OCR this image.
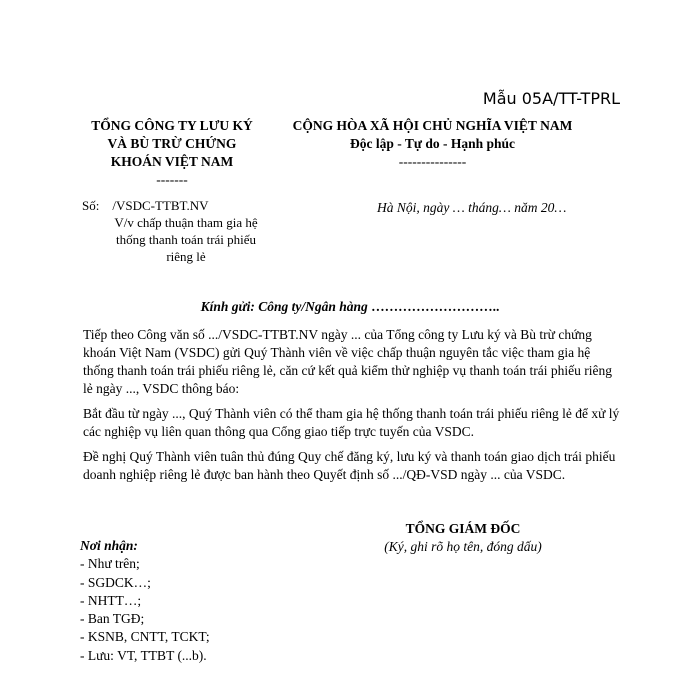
Mẫu 05A/TT-TPRL
TỔNG CÔNG TY LƯU KÝ
VÀ BÙ TRỪ CHỨNG
KHOÁN VIỆT NAM
-------
CỘNG HÒA XÃ HỘI CHỦ NGHĨA VIỆT NAM
Độc lập - Tự do - Hạnh phúc
---------------
Số:    /VSDC-TTBT.NV
V/v chấp thuận tham gia hệ
thống thanh toán trái phiếu
riêng lẻ
Hà Nội, ngày … tháng… năm 20…
Kính gửi: Công ty/Ngân hàng ………………………..

Tiếp theo Công văn số .../VSDC-TTBT.NV ngày ... của Tổng công ty Lưu ký và Bù trừ chứng khoán Việt Nam (VSDC) gửi Quý Thành viên về việc chấp thuận nguyên tắc việc tham gia hệ thống thanh toán trái phiếu riêng lẻ, căn cứ kết quả kiểm thử nghiệp vụ thanh toán trái phiếu riêng lẻ ngày ..., VSDC thông báo:

Bắt đầu từ ngày ..., Quý Thành viên có thể tham gia hệ thống thanh toán trái phiếu riêng lẻ để xử lý các nghiệp vụ liên quan thông qua Cổng giao tiếp trực tuyến của VSDC.

Đề nghị Quý Thành viên tuân thủ đúng Quy chế đăng ký, lưu ký và thanh toán giao dịch trái phiếu doanh nghiệp riêng lẻ được ban hành theo Quyết định số .../QĐ-VSD ngày ... của VSDC.

TỔNG GIÁM ĐỐC
(Ký, ghi rõ họ tên, đóng dấu)
Nơi nhận:
- Như trên;
- SGDCK…;
- NHTT…;
- Ban TGĐ;
- KSNB, CNTT, TCKT;
- Lưu: VT, TTBT (...b).
